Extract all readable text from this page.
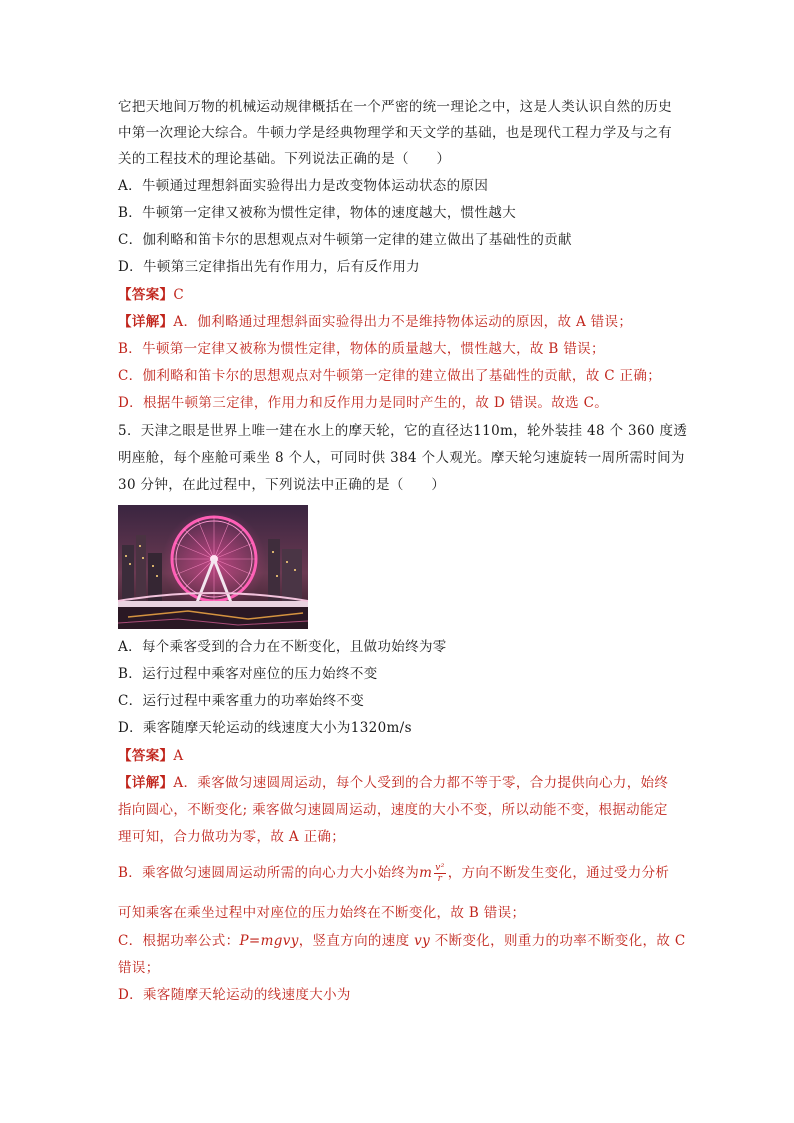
它把天地间万物的机械运动规律概括在一个严密的统一理论之中，这是人类认识自然的历史
中第一次理论大综合。牛顿力学是经典物理学和天文学的基础，也是现代工程力学及与之有
关的工程技术的理论基础。下列说法正确的是（　　）
A．牛顿通过理想斜面实验得出力是改变物体运动状态的原因
B．牛顿第一定律又被称为惯性定律，物体的速度越大，惯性越大
C．伽利略和笛卡尔的思想观点对牛顿第一定律的建立做出了基础性的贡献
D．牛顿第三定律指出先有作用力，后有反作用力
【答案】C
【详解】A．伽利略通过理想斜面实验得出力不是维持物体运动的原因，故 A 错误；
B．牛顿第一定律又被称为惯性定律，物体的质量越大，惯性越大，故 B 错误；
C．伽利略和笛卡尔的思想观点对牛顿第一定律的建立做出了基础性的贡献，故 C 正确；
D．根据牛顿第三定律，作用力和反作用力是同时产生的，故 D 错误。故选 C。
5．天津之眼是世界上唯一建在水上的摩天轮，它的直径达110m，轮外装挂 48 个 360 度透
明座舱，每个座舱可乘坐 8 个人，可同时供 384 个人观光。摩天轮匀速旋转一周所需时间为
30 分钟，在此过程中，下列说法中正确的是（　　）
A．每个乘客受到的合力在不断变化，且做功始终为零
B．运行过程中乘客对座位的压力始终不变
C．运行过程中乘客重力的功率始终不变
D．乘客随摩天轮运动的线速度大小为1320m/s
【答案】A
【详解】A．乘客做匀速圆周运动，每个人受到的合力都不等于零，合力提供向心力，始终
指向圆心，不断变化; 乘客做匀速圆周运动，速度的大小不变，所以动能不变，根据动能定
理可知，合力做功为零，故 A 正确；
B．乘客做匀速圆周运动所需的向心力大小始终为m $\frac{\text{v²}}{r}$ ，方向不断发生变化，通过受力分析
可知乘客在乘坐过程中对座位的压力始终在不断变化，故 B 错误；
C．根据功率公式：P=mgvy，竖直方向的速度 vy 不断变化，则重力的功率不断变化，故 C
错误；
D．乘客随摩天轮运动的线速度大小为
